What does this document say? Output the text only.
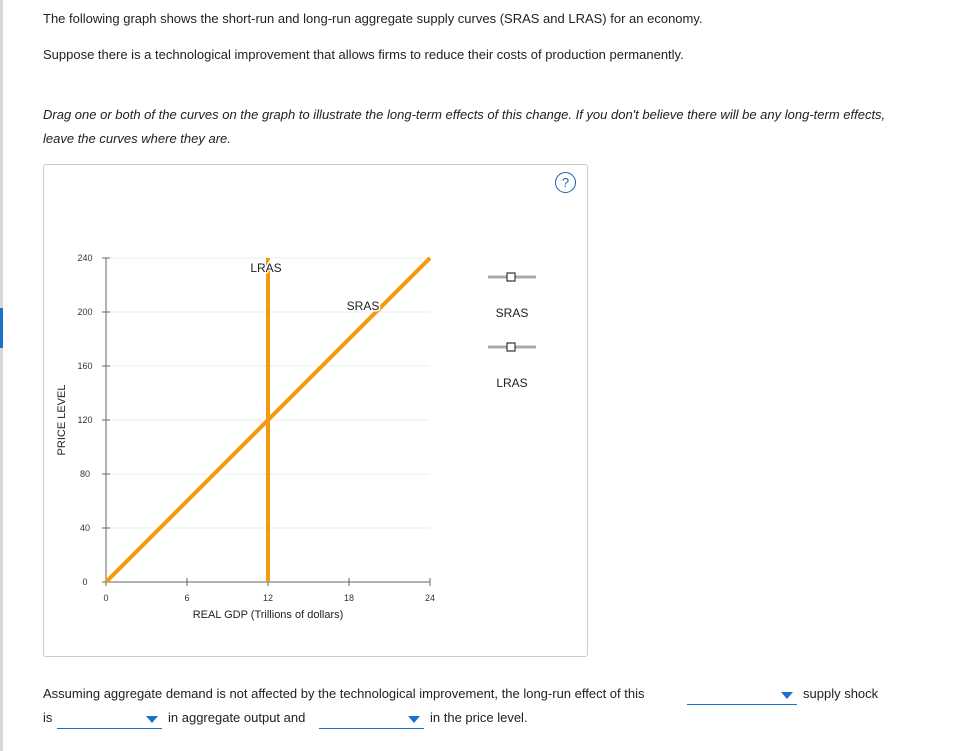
The following graph shows the short-run and long-run aggregate supply curves (SRAS and LRAS) for an economy.
Suppose there is a technological improvement that allows firms to reduce their costs of production permanently.
Drag one or both of the curves on the graph to illustrate the long-term effects of this change. If you don't believe there will be any long-term effects,
leave the curves where they are.
?
0
40
80
120
160
200
240
0	6	12	18	24
REAL GDP (Trillions of dollars)
PRICE LEVEL
LRAS
SRAS	SRAS
LRAS
Assuming aggregate demand is not affected by the technological improvement, the long-run effect of this	supply shock
is	in aggregate output and	in the price level.
